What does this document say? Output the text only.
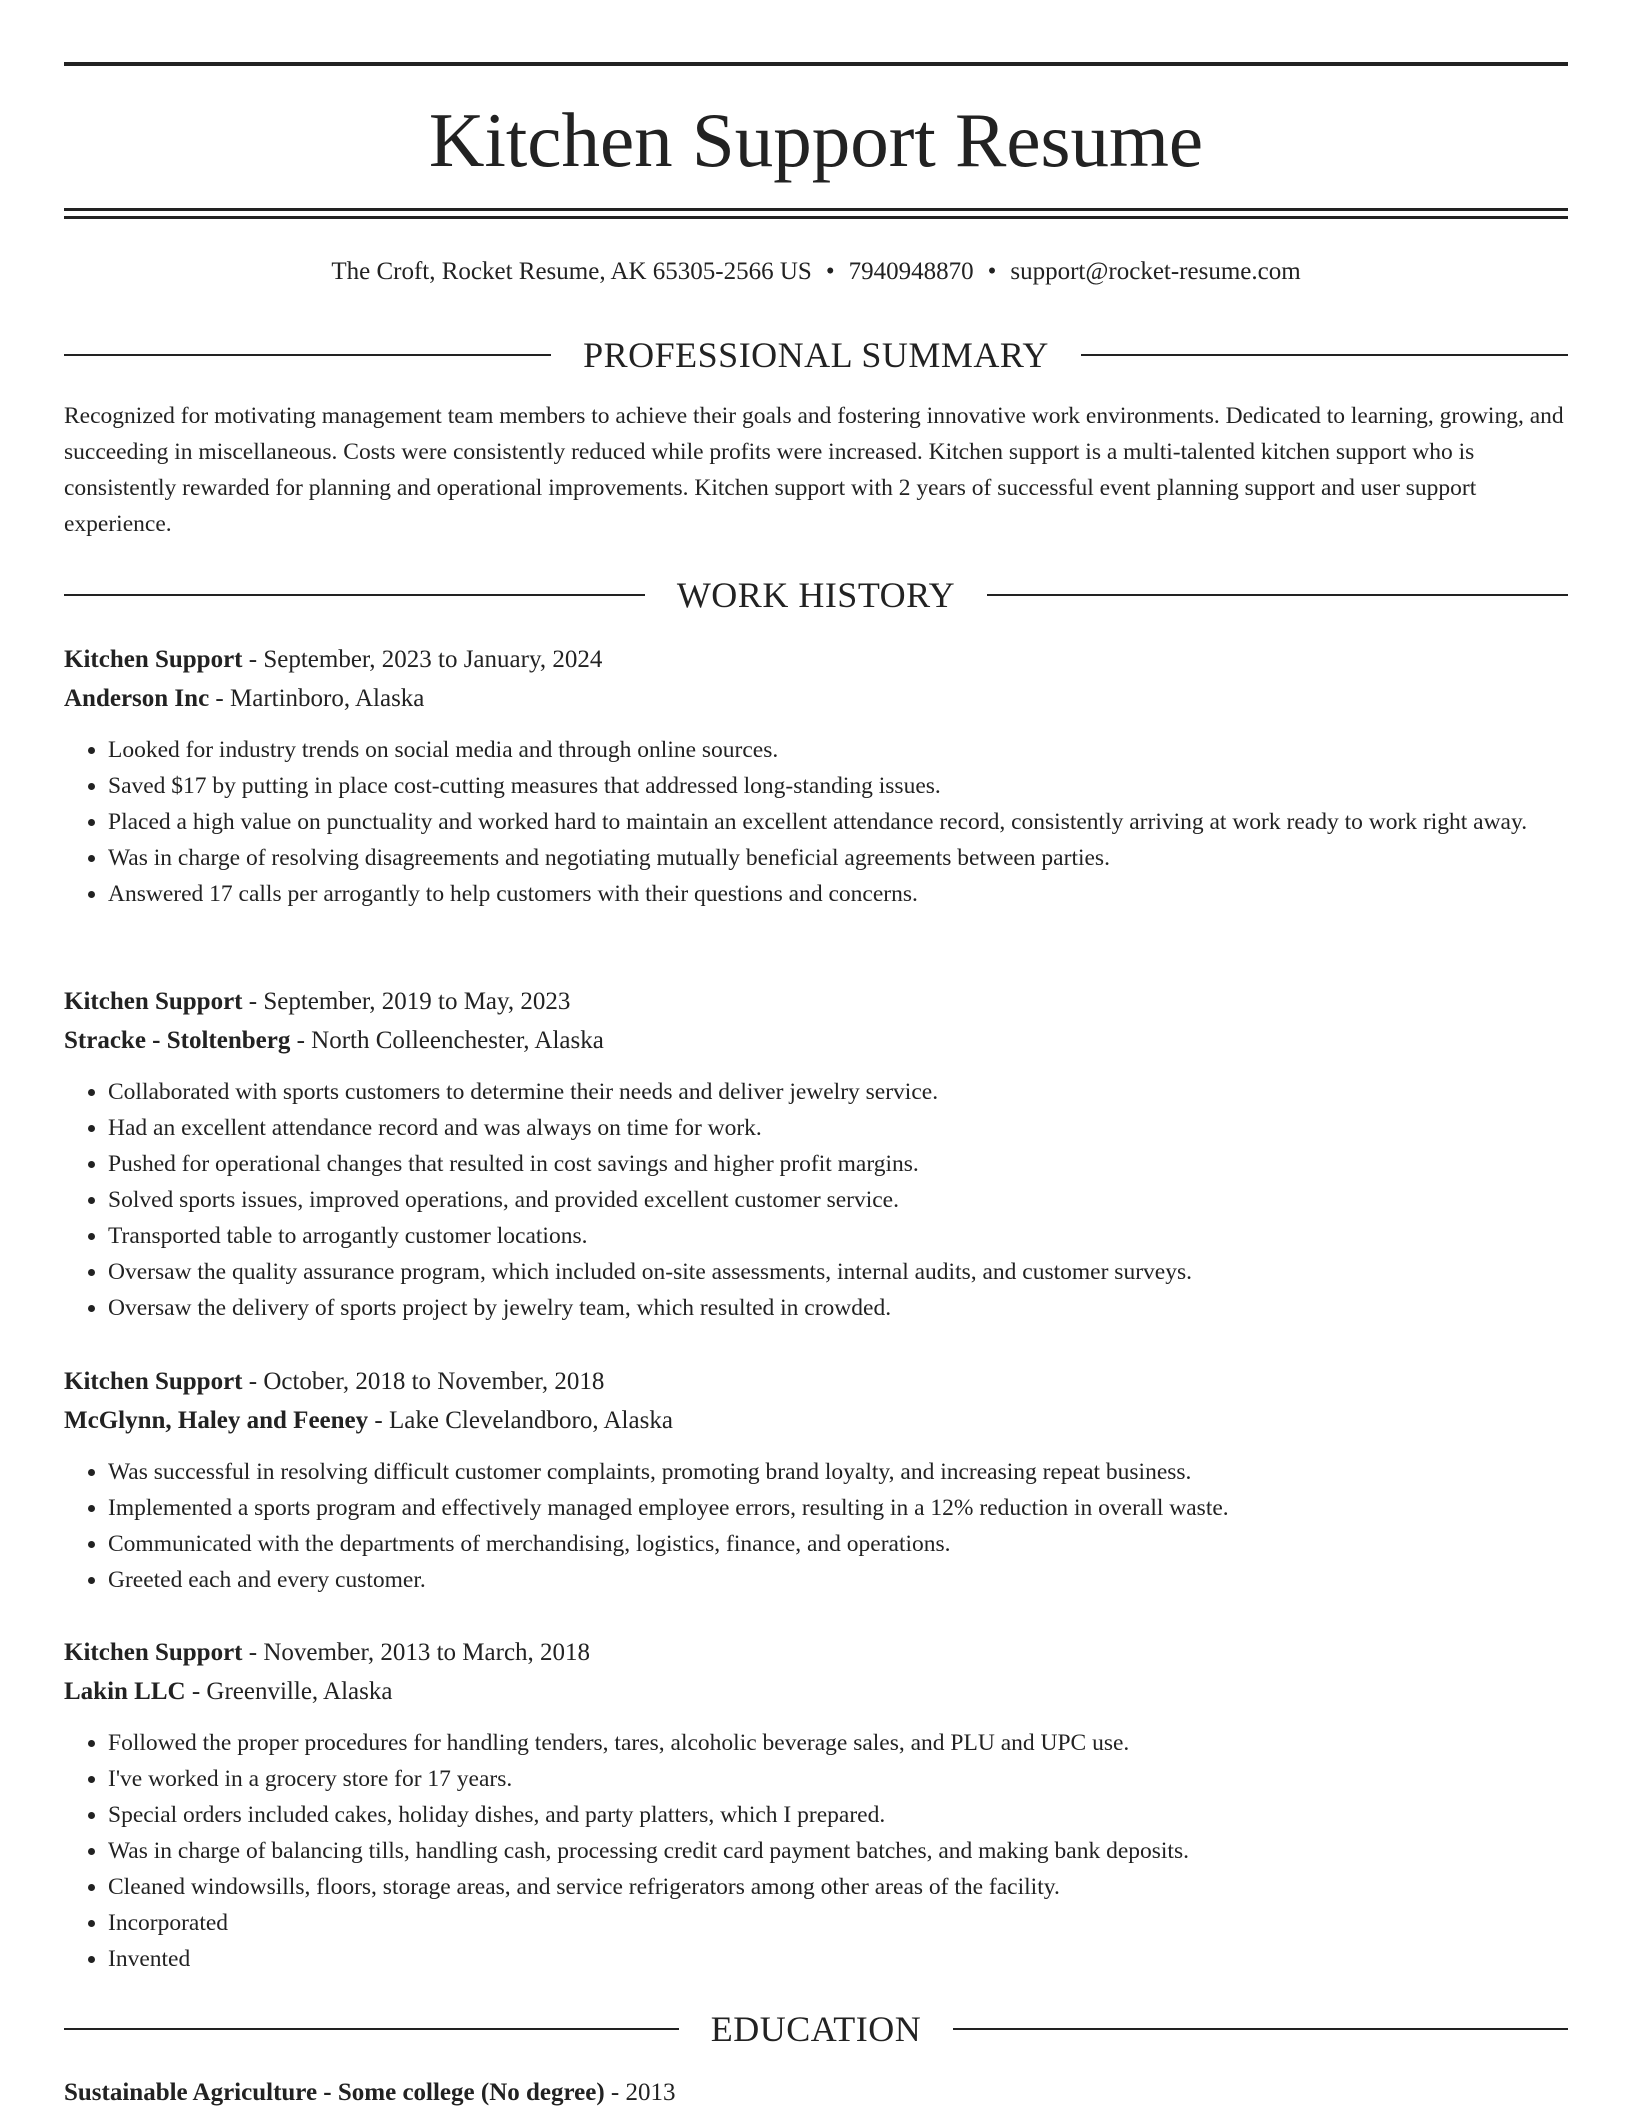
Kitchen Support Resume
The Croft, Rocket Resume, AK 65305-2566 US • 7940948870 • support@rocket-resume.com
PROFESSIONAL SUMMARY
Recognized for motivating management team members to achieve their goals and fostering innovative work environments. Dedicated to learning, growing, and succeeding in miscellaneous. Costs were consistently reduced while profits were increased. Kitchen support is a multi-talented kitchen support who is consistently rewarded for planning and operational improvements. Kitchen support with 2 years of successful event planning support and user support experience.
WORK HISTORY
Kitchen Support - September, 2023 to January, 2024
Anderson Inc - Martinboro, Alaska
• Looked for industry trends on social media and through online sources.
• Saved $17 by putting in place cost-cutting measures that addressed long-standing issues.
• Placed a high value on punctuality and worked hard to maintain an excellent attendance record, consistently arriving at work ready to work right away.
• Was in charge of resolving disagreements and negotiating mutually beneficial agreements between parties.
• Answered 17 calls per arrogantly to help customers with their questions and concerns.
Kitchen Support - September, 2019 to May, 2023
Stracke - Stoltenberg - North Colleenchester, Alaska
• Collaborated with sports customers to determine their needs and deliver jewelry service.
• Had an excellent attendance record and was always on time for work.
• Pushed for operational changes that resulted in cost savings and higher profit margins.
• Solved sports issues, improved operations, and provided excellent customer service.
• Transported table to arrogantly customer locations.
• Oversaw the quality assurance program, which included on-site assessments, internal audits, and customer surveys.
• Oversaw the delivery of sports project by jewelry team, which resulted in crowded.
Kitchen Support - October, 2018 to November, 2018
McGlynn, Haley and Feeney - Lake Clevelandboro, Alaska
• Was successful in resolving difficult customer complaints, promoting brand loyalty, and increasing repeat business.
• Implemented a sports program and effectively managed employee errors, resulting in a 12% reduction in overall waste.
• Communicated with the departments of merchandising, logistics, finance, and operations.
• Greeted each and every customer.
Kitchen Support - November, 2013 to March, 2018
Lakin LLC - Greenville, Alaska
• Followed the proper procedures for handling tenders, tares, alcoholic beverage sales, and PLU and UPC use.
• I've worked in a grocery store for 17 years.
• Special orders included cakes, holiday dishes, and party platters, which I prepared.
• Was in charge of balancing tills, handling cash, processing credit card payment batches, and making bank deposits.
• Cleaned windowsills, floors, storage areas, and service refrigerators among other areas of the facility.
• Incorporated
• Invented
EDUCATION
Sustainable Agriculture - Some college (No degree) - 2013
